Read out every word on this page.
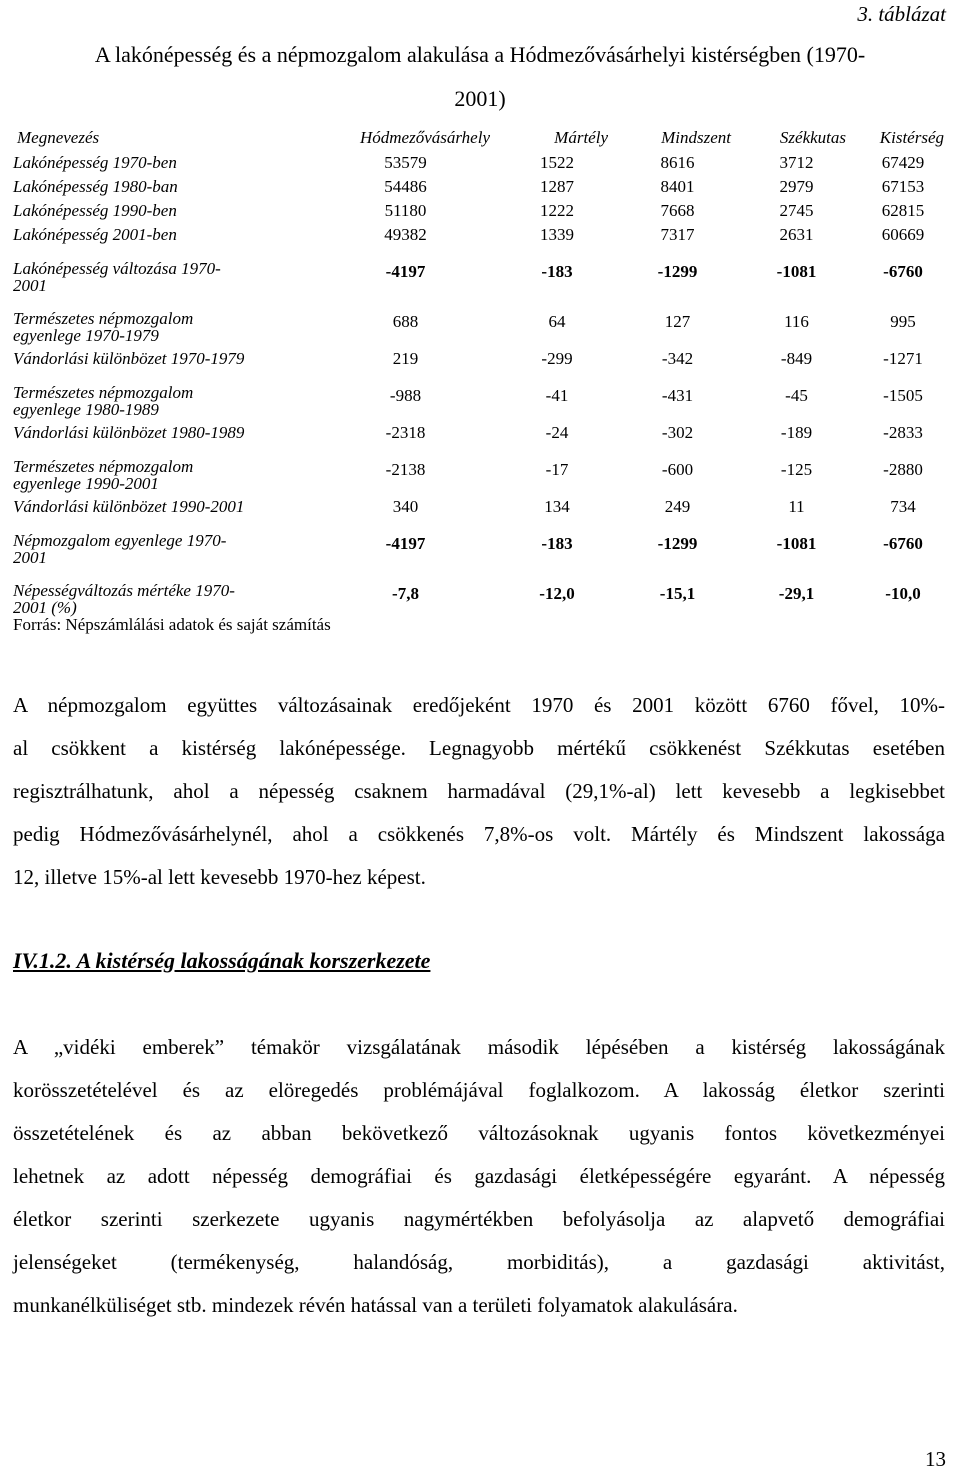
3. táblázat
A lakónépesség és a népmozgalom alakulása a Hódmezővásárhelyi kistérségben (1970-
2001)
Megnevezés	Hódmezővásárhely	Mártély	Mindszent	Székkutas	Kistérség
Lakónépesség 1970-ben	53579	1522	8616	3712	67429
Lakónépesség 1980-ban	54486	1287	8401	2979	67153
Lakónépesség 1990-ben	51180	1222	7668	2745	62815
Lakónépesség 2001-ben	49382	1339	7317	2631	60669
Lakónépesség változása 1970-
2001	-4197	-183	-1299	-1081	-6760
Természetes népmozgalom
egyenlege 1970-1979	688	64	127	116	995
Vándorlási különbözet 1970-1979	219	-299	-342	-849	-1271
Természetes népmozgalom
egyenlege 1980-1989	-988	-41	-431	-45	-1505
Vándorlási különbözet 1980-1989	-2318	-24	-302	-189	-2833
Természetes népmozgalom
egyenlege 1990-2001	-2138	-17	-600	-125	-2880
Vándorlási különbözet 1990-2001	340	134	249	11	734
Népmozgalom egyenlege 1970-
2001	-4197	-183	-1299	-1081	-6760
Népességváltozás mértéke 1970-
2001 (%)	-7,8	-12,0	-15,1	-29,1	-10,0
Forrás: Népszámlálási adatok és saját számítás
A népmozgalom együttes változásainak eredőjeként 1970 és 2001 között 6760 fővel, 10%-
al csökkent a kistérség lakónépessége. Legnagyobb mértékű csökkenést Székkutas esetében
regisztrálhatunk, ahol a népesség csaknem harmadával (29,1%-al) lett kevesebb a legkisebbet
pedig Hódmezővásárhelynél, ahol a csökkenés 7,8%-os volt. Mártély és Mindszent lakossága
12, illetve 15%-al lett kevesebb 1970-hez képest.
IV.1.2. A kistérség lakosságának korszerkezete
A „vidéki emberek” témakör vizsgálatának második lépésében a kistérség lakosságának
korösszetételével és az elöregedés problémájával foglalkozom. A lakosság életkor szerinti
összetételének és az abban bekövetkező változásoknak ugyanis fontos következményei
lehetnek az adott népesség demográfiai és gazdasági életképességére egyaránt. A népesség
életkor szerinti szerkezete ugyanis nagymértékben befolyásolja az alapvető demográfiai
jelenségeket (termékenység, halandóság, morbiditás), a gazdasági aktivitást,
munkanélküliséget stb. mindezek révén hatással van a területi folyamatok alakulására.
13
